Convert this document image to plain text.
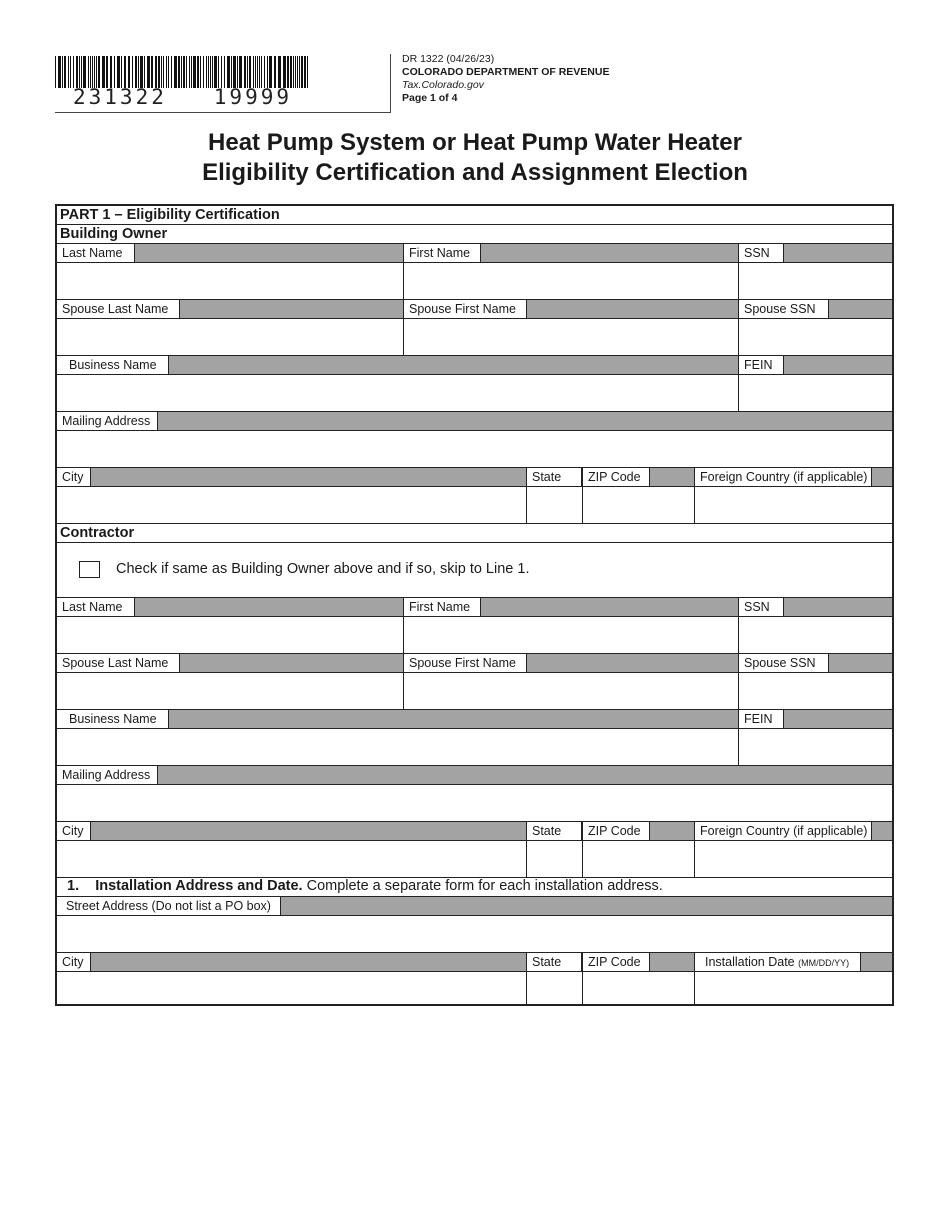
231322   19999
DR 1322 (04/26/23)
COLORADO DEPARTMENT OF REVENUE
Tax.Colorado.gov
Page 1 of 4
Heat Pump System or Heat Pump Water Heater
Eligibility Certification and Assignment Election
PART 1 – Eligibility Certification
Building Owner
Last Name	First Name	SSN
Spouse Last Name	Spouse First Name	Spouse SSN
Business Name	FEIN
Mailing Address
City	State	ZIP Code	Foreign Country (if applicable)
Contractor
Check if same as Building Owner above and if so, skip to Line 1.
Last Name	First Name	SSN
Spouse Last Name	Spouse First Name	Spouse SSN
Business Name	FEIN
Mailing Address
City	State	ZIP Code	Foreign Country (if applicable)
1. Installation Address and Date. Complete a separate form for each installation address.
Street Address (Do not list a PO box)
City	State	ZIP Code	Installation Date (MM/DD/YY)
